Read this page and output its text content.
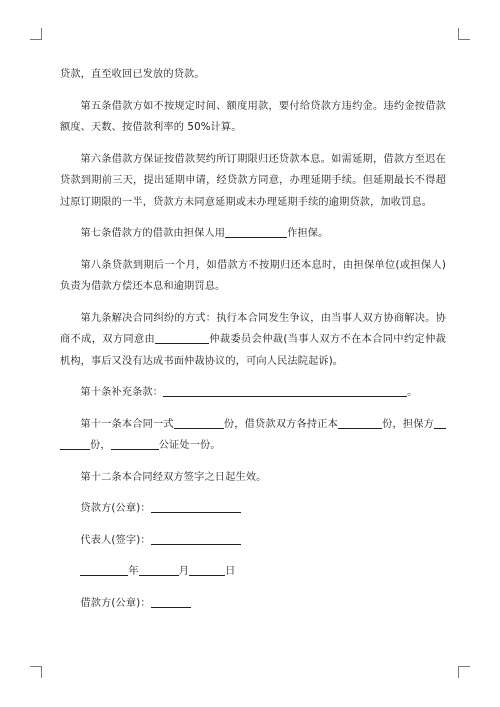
贷款，直至收回已发放的贷款。

第五条借款方如不按规定时间、额度用款，要付给贷款方违约金。违约金按借款额度、天数、按借款利率的 50%计算。

第六条借款方保证按借款契约所订期限归还贷款本息。如需延期，借款方至迟在贷款到期前三天，提出延期申请，经贷款方同意，办理延期手续。但延期最长不得超过原订期限的一半，贷款方未同意延期或未办理延期手续的逾期贷款，加收罚息。

第七条借款方的借款由担保人用	作担保。

第八条贷款到期后一个月，如借款方不按期归还本息时，由担保单位(或担保人)负责为借款方偿还本息和逾期罚息。

第九条解决合同纠纷的方式：执行本合同发生争议，由当事人双方协商解决。协商不成，双方同意由	仲裁委员会仲裁(当事人双方不在本合同中约定仲裁机构，事后又没有达成书面仲裁协议的，可向人民法院起诉)。

第十条补充条款：	。

第十一条本合同一式	份，借贷款双方各持正本	份，担保方份，	公证处一份。

第十二条本合同经双方签字之日起生效。

贷款方(公章)：

代表人(签字)：

年	月	日

借款方(公章)：
